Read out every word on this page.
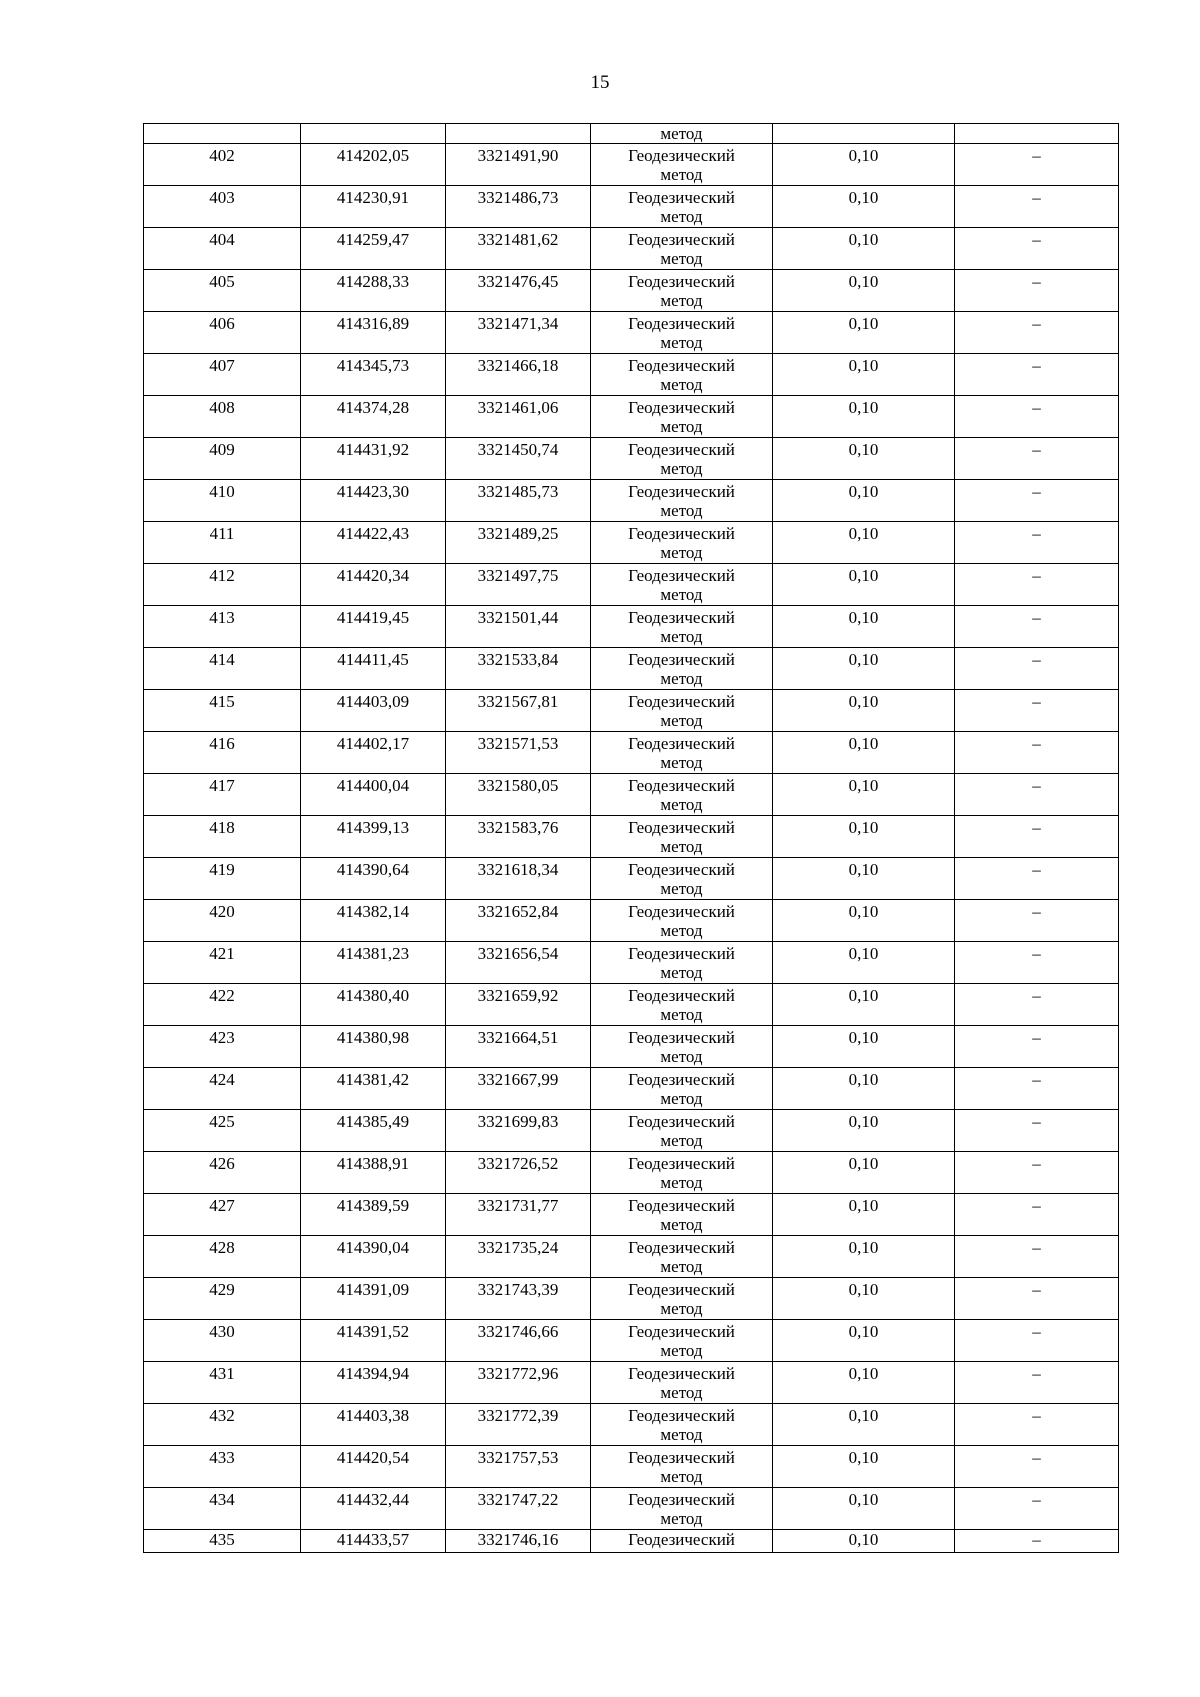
15
			метод		
402	414202,05	3321491,90	Геодезический
метод	0,10	–
403	414230,91	3321486,73	Геодезический
метод	0,10	–
404	414259,47	3321481,62	Геодезический
метод	0,10	–
405	414288,33	3321476,45	Геодезический
метод	0,10	–
406	414316,89	3321471,34	Геодезический
метод	0,10	–
407	414345,73	3321466,18	Геодезический
метод	0,10	–
408	414374,28	3321461,06	Геодезический
метод	0,10	–
409	414431,92	3321450,74	Геодезический
метод	0,10	–
410	414423,30	3321485,73	Геодезический
метод	0,10	–
411	414422,43	3321489,25	Геодезический
метод	0,10	–
412	414420,34	3321497,75	Геодезический
метод	0,10	–
413	414419,45	3321501,44	Геодезический
метод	0,10	–
414	414411,45	3321533,84	Геодезический
метод	0,10	–
415	414403,09	3321567,81	Геодезический
метод	0,10	–
416	414402,17	3321571,53	Геодезический
метод	0,10	–
417	414400,04	3321580,05	Геодезический
метод	0,10	–
418	414399,13	3321583,76	Геодезический
метод	0,10	–
419	414390,64	3321618,34	Геодезический
метод	0,10	–
420	414382,14	3321652,84	Геодезический
метод	0,10	–
421	414381,23	3321656,54	Геодезический
метод	0,10	–
422	414380,40	3321659,92	Геодезический
метод	0,10	–
423	414380,98	3321664,51	Геодезический
метод	0,10	–
424	414381,42	3321667,99	Геодезический
метод	0,10	–
425	414385,49	3321699,83	Геодезический
метод	0,10	–
426	414388,91	3321726,52	Геодезический
метод	0,10	–
427	414389,59	3321731,77	Геодезический
метод	0,10	–
428	414390,04	3321735,24	Геодезический
метод	0,10	–
429	414391,09	3321743,39	Геодезический
метод	0,10	–
430	414391,52	3321746,66	Геодезический
метод	0,10	–
431	414394,94	3321772,96	Геодезический
метод	0,10	–
432	414403,38	3321772,39	Геодезический
метод	0,10	–
433	414420,54	3321757,53	Геодезический
метод	0,10	–
434	414432,44	3321747,22	Геодезический
метод	0,10	–
435	414433,57	3321746,16	Геодезический	0,10	–
